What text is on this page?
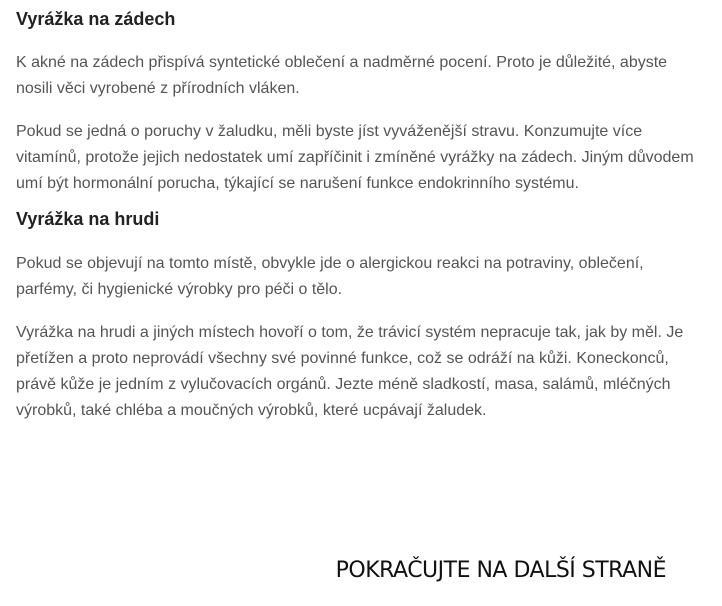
Vyrážka na zádech

K akné na zádech přispívá syntetické oblečení a nadměrné pocení. Proto je důležité, abyste nosili věci vyrobené z přírodních vláken.

Pokud se jedná o poruchy v žaludku, měli byste jíst vyváženější stravu. Konzumujte více vitamínů, protože jejich nedostatek umí zapříčinit i zmíněné vyrážky na zádech. Jiným důvodem umí být hormonální porucha, týkající se narušení funkce endokrinního systému.

Vyrážka na hrudi

Pokud se objevují na tomto místě, obvykle jde o alergickou reakci na potraviny, oblečení, parfémy, či hygienické výrobky pro péči o tělo.

Vyrážka na hrudi a jiných místech hovoří o tom, že trávicí systém nepracuje tak, jak by měl. Je přetížen a proto neprovádí všechny své povinné funkce, což se odráží na kůži. Koneckonců, právě kůže je jedním z vylučovacích orgánů. Jezte méně sladkostí, masa, salámů, mléčných výrobků, také chléba a moučných výrobků, které ucpávají žaludek.

POKRAČUJTE NA DALŠÍ STRANĚ
